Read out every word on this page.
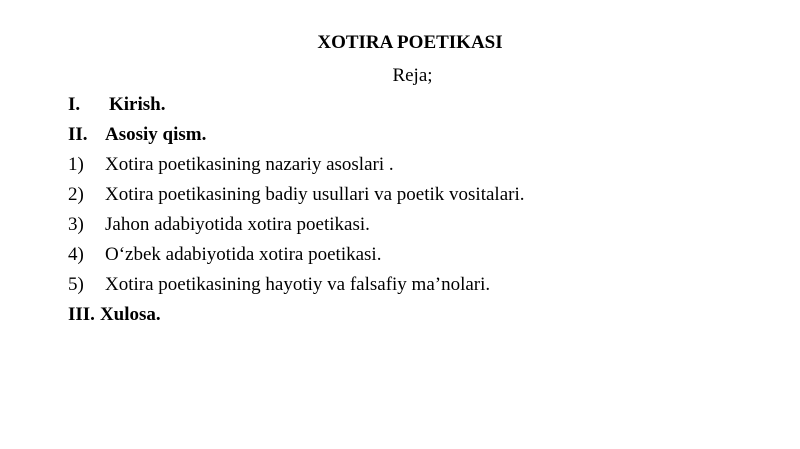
XOTIRA POETIKASI
Reja;
I. Kirish.
II. Asosiy qism.
1) Xotira poetikasining nazariy asoslari .
2) Xotira poetikasining badiy usullari va poetik vositalari.
3) Jahon adabiyotida xotira poetikasi.
4) O‘zbek adabiyotida xotira poetikasi.
5) Xotira poetikasining hayotiy va falsafiy ma’nolari.
III. Xulosa.
